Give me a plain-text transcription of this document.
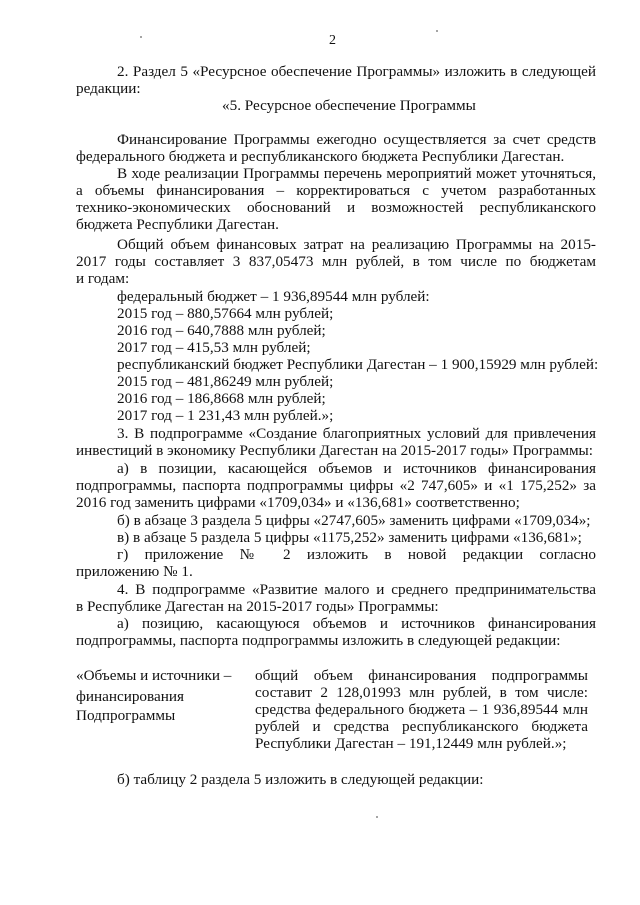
2
2. Раздел 5 «Ресурсное обеспечение Программы» изложить в следующей
редакции:
«5. Ресурсное обеспечение Программы
Финансирование Программы ежегодно осуществляется за счет средств
федерального бюджета и республиканского бюджета Республики Дагестан.
В ходе реализации Программы перечень мероприятий может уточняться,
а объемы финансирования – корректироваться с учетом разработанных
технико-экономических обоснований и возможностей республиканского
бюджета Республики Дагестан.
Общий объем финансовых затрат на реализацию Программы на 2015-
2017 годы составляет 3 837,05473 млн рублей, в том числе по бюджетам
и годам:
федеральный бюджет – 1 936,89544 млн рублей:
2015 год – 880,57664 млн рублей;
2016 год – 640,7888 млн рублей;
2017 год – 415,53 млн рублей;
республиканский бюджет Республики Дагестан – 1 900,15929 млн рублей:
2015 год – 481,86249 млн рублей;
2016 год – 186,8668 млн рублей;
2017 год – 1 231,43 млн рублей.»;
3. В подпрограмме «Создание благоприятных условий для привлечения
инвестиций в экономику Республики Дагестан на 2015-2017 годы» Программы:
а) в позиции, касающейся объемов и источников финансирования
подпрограммы, паспорта подпрограммы цифры «2 747,605» и «1 175,252» за
2016 год заменить цифрами «1709,034» и «136,681» соответственно;
б) в абзаце 3 раздела 5 цифры «2747,605» заменить цифрами «1709,034»;
в) в абзаце 5 раздела 5 цифры «1175,252» заменить цифрами «136,681»;
г) приложение № 2 изложить в новой редакции согласно
приложению № 1.
4. В подпрограмме «Развитие малого и среднего предпринимательства
в Республике Дагестан на 2015-2017 годы» Программы:
а) позицию, касающуюся объемов и источников финансирования
подпрограммы, паспорта подпрограммы изложить в следующей редакции:
«Объемы и источники –
финансирования
Подпрограммы
общий объем финансирования подпрограммы
составит 2 128,01993 млн рублей, в том числе:
средства федерального бюджета – 1 936,89544 млн
рублей и средства республиканского бюджета
Республики Дагестан – 191,12449 млн рублей.»;
б) таблицу 2 раздела 5 изложить в следующей редакции:
